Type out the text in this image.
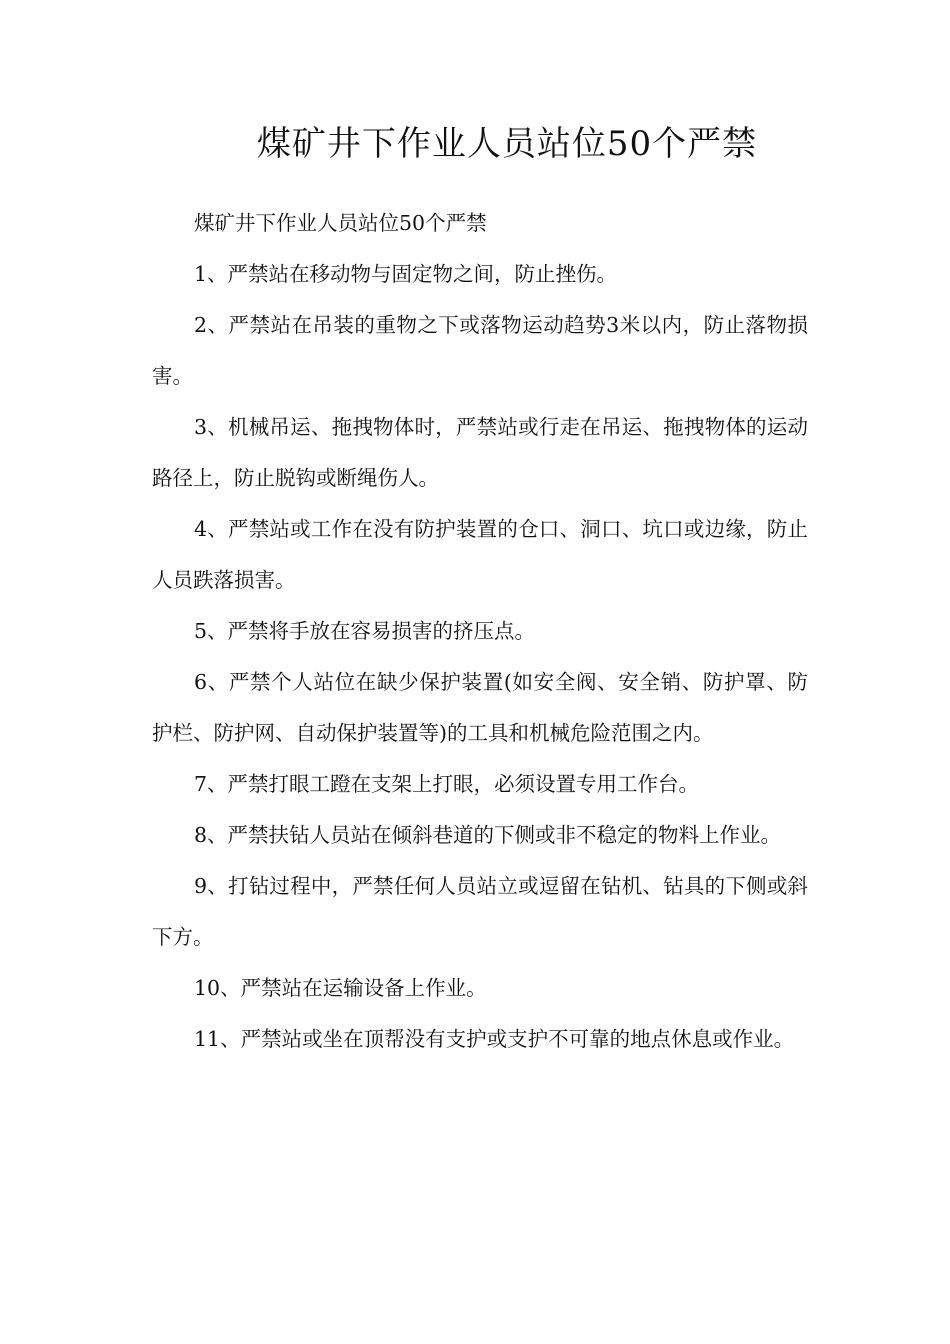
煤矿井下作业人员站位50个严禁

煤矿井下作业人员站位50个严禁

1、严禁站在移动物与固定物之间，防止挫伤。

2、严禁站在吊装的重物之下或落物运动趋势3米以内，防止落物损害。

3、机械吊运、拖拽物体时，严禁站或行走在吊运、拖拽物体的运动路径上，防止脱钩或断绳伤人。

4、严禁站或工作在没有防护装置的仓口、洞口、坑口或边缘，防止人员跌落损害。

5、严禁将手放在容易损害的挤压点。

6、严禁个人站位在缺少保护装置(如安全阀、安全销、防护罩、防护栏、防护网、自动保护装置等)的工具和机械危险范围之内。

7、严禁打眼工蹬在支架上打眼，必须设置专用工作台。

8、严禁扶钻人员站在倾斜巷道的下侧或非不稳定的物料上作业。

9、打钻过程中，严禁任何人员站立或逗留在钻机、钻具的下侧或斜下方。

10、严禁站在运输设备上作业。

11、严禁站或坐在顶帮没有支护或支护不可靠的地点休息或作业。
